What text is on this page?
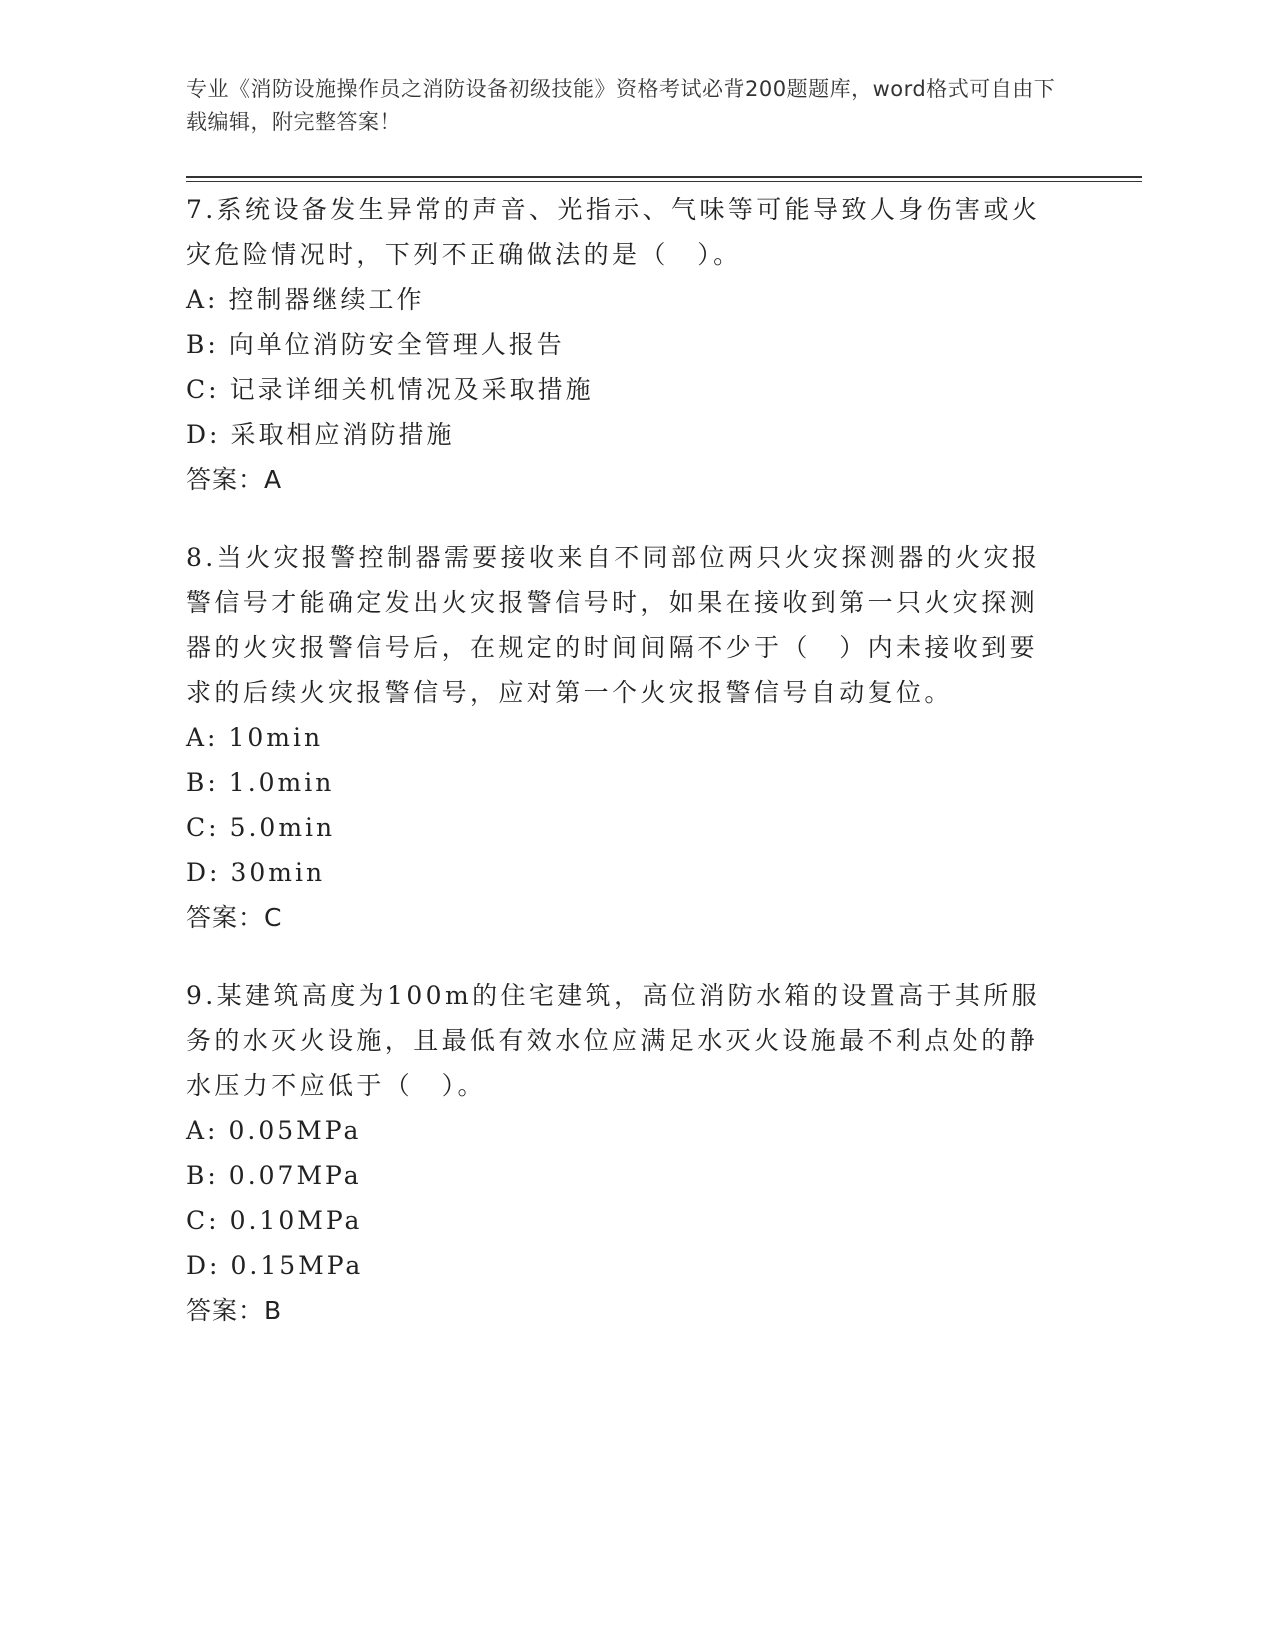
专业《消防设施操作员之消防设备初级技能》资格考试必背200题题库，word格式可自由下载编辑，附完整答案！

7.系统设备发生异常的声音、光指示、气味等可能导致人身伤害或火灾危险情况时，下列不正确做法的是（　）。

A: 控制器继续工作
B: 向单位消防安全管理人报告
C: 记录详细关机情况及采取措施
D: 采取相应消防措施
答案：A

8.当火灾报警控制器需要接收来自不同部位两只火灾探测器的火灾报警信号才能确定发出火灾报警信号时，如果在接收到第一只火灾探测器的火灾报警信号后，在规定的时间间隔不少于（　）内未接收到要求的后续火灾报警信号，应对第一个火灾报警信号自动复位。

A: 10min
B: 1.0min
C: 5.0min
D: 30min
答案：C

9.某建筑高度为100m的住宅建筑，高位消防水箱的设置高于其所服务的水灭火设施，且最低有效水位应满足水灭火设施最不利点处的静水压力不应低于（　）。

A: 0.05MPa
B: 0.07MPa
C: 0.10MPa
D: 0.15MPa
答案：B
